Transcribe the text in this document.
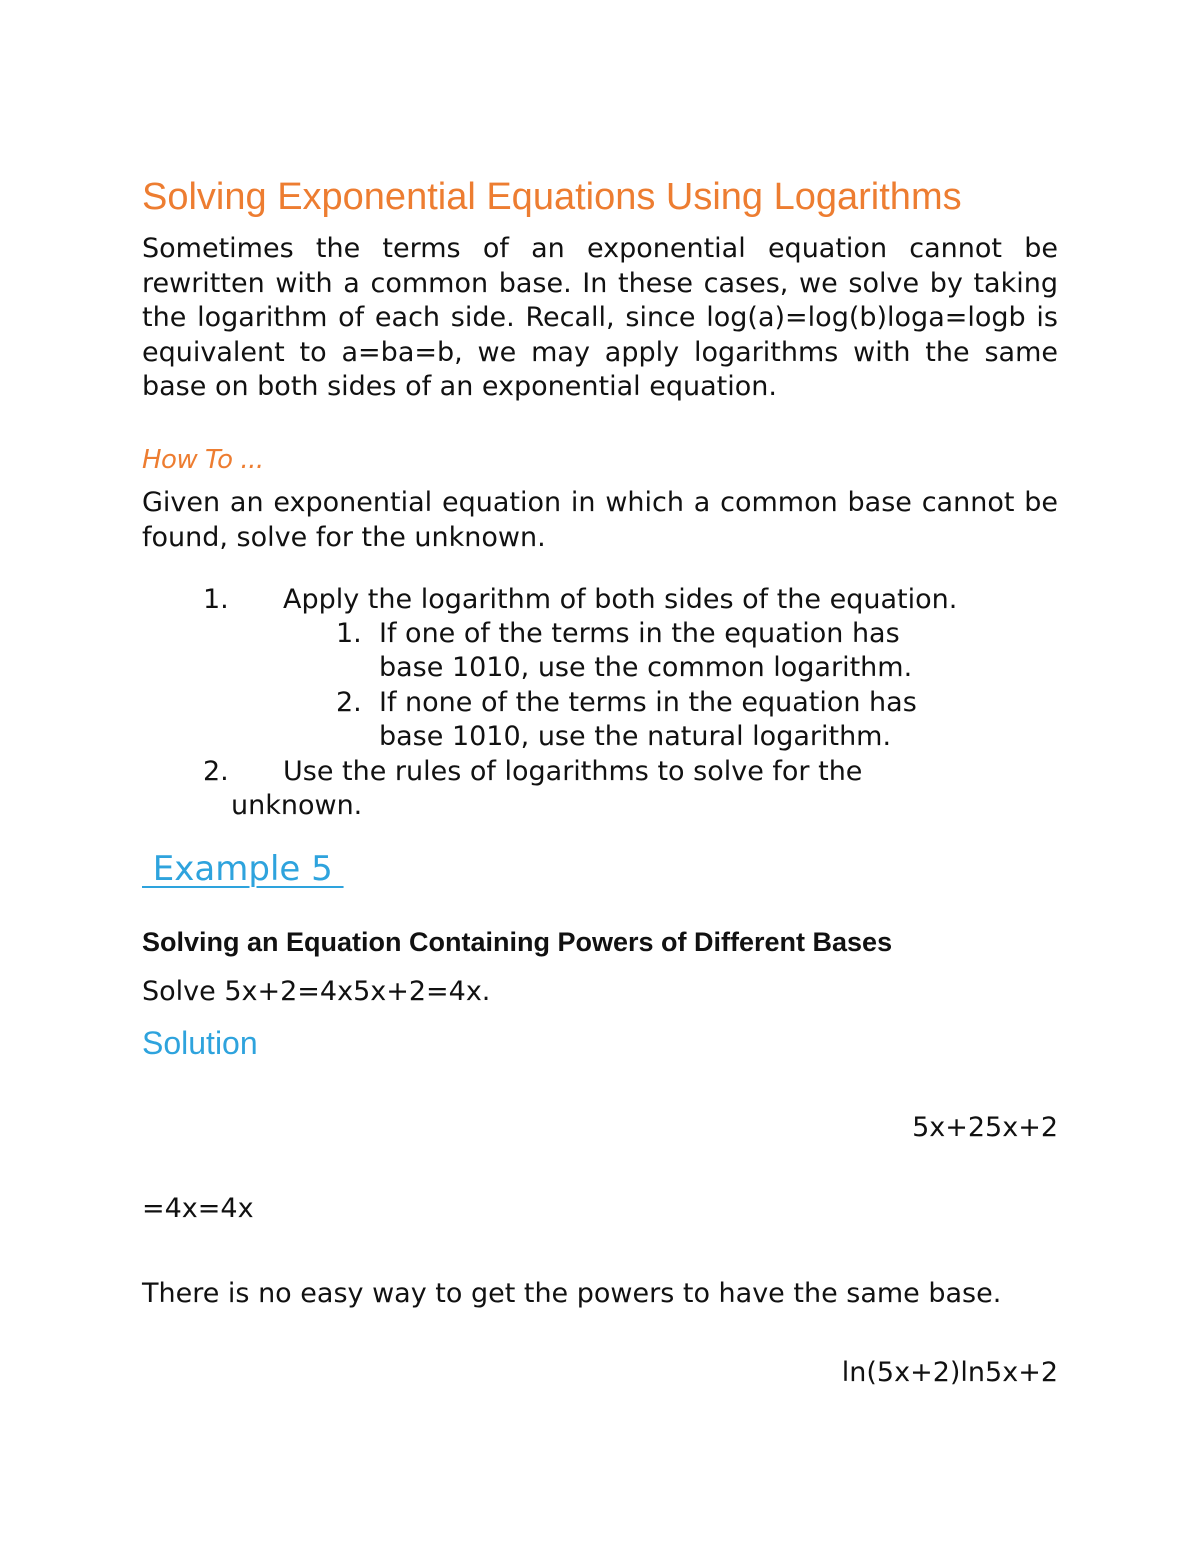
Solving Exponential Equations Using Logarithms
Sometimes the terms of an exponential equation cannot be rewritten with a common base. In these cases, we solve by taking the logarithm of each side. Recall, since log(a)=log(b)loga=logb is equivalent to a=ba=b, we may apply logarithms with the same base on both sides of an exponential equation.
How To ...
Given an exponential equation in which a common base cannot be found, solve for the unknown.
1. Apply the logarithm of both sides of the equation.
1. If one of the terms in the equation has
base 1010, use the common logarithm.
2. If none of the terms in the equation has
base 1010, use the natural logarithm.
2. Use the rules of logarithms to solve for the
unknown.
Example 5
Solving an Equation Containing Powers of Different Bases
Solve 5x+2=4x5x+2=4x.
Solution
5x+25x+2
=4x=4x
There is no easy way to get the powers to have the same base.
ln(5x+2)ln5x+2
